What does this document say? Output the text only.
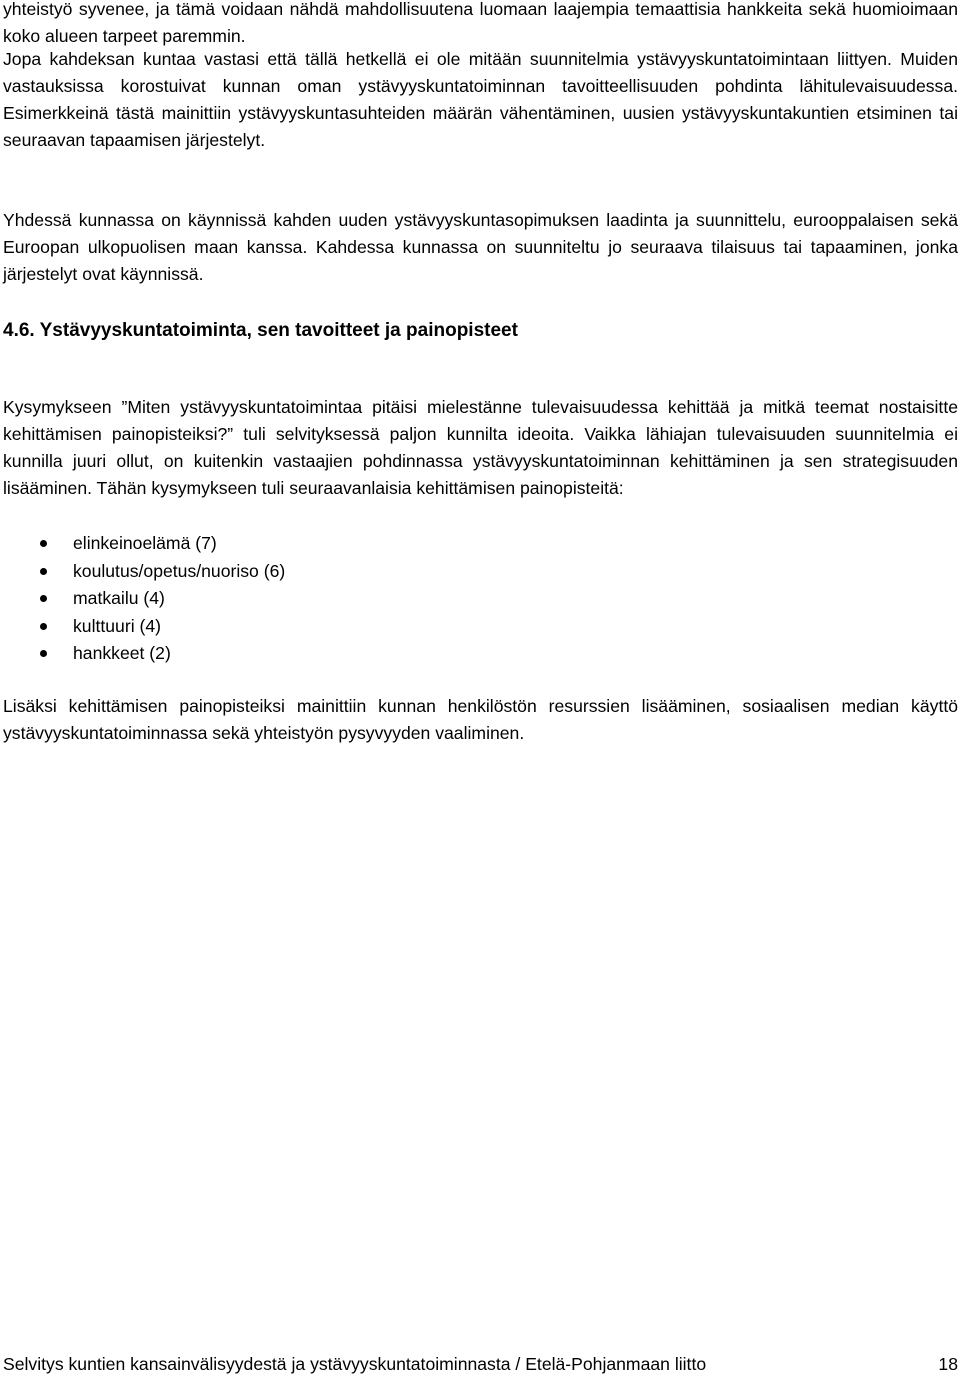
yhteistyö syvenee, ja tämä voidaan nähdä mahdollisuutena luomaan laajempia temaattisia hankkeita sekä huomioimaan koko alueen tarpeet paremmin.

Jopa kahdeksan kuntaa vastasi että tällä hetkellä ei ole mitään suunnitelmia ystävyyskuntatoimintaan liittyen. Muiden vastauksissa korostuivat kunnan oman ystävyyskuntatoiminnan tavoitteellisuuden pohdinta lähitulevaisuudessa. Esimerkkeinä tästä mainittiin ystävyyskuntasuhteiden määrän vähentäminen, uusien ystävyyskuntakuntien etsiminen tai seuraavan tapaamisen järjestelyt.

Yhdessä kunnassa on käynnissä kahden uuden ystävyyskuntasopimuksen laadinta ja suunnittelu, eurooppalaisen sekä Euroopan ulkopuolisen maan kanssa. Kahdessa kunnassa on suunniteltu jo seuraava tilaisuus tai tapaaminen, jonka järjestelyt ovat käynnissä.

4.6. Ystävyyskuntatoiminta, sen tavoitteet ja painopisteet

Kysymykseen ”Miten ystävyyskuntatoimintaa pitäisi mielestänne tulevaisuudessa kehittää ja mitkä teemat nostaisitte kehittämisen painopisteiksi?” tuli selvityksessä paljon kunnilta ideoita. Vaikka lähiajan tulevaisuuden suunnitelmia ei kunnilla juuri ollut, on kuitenkin vastaajien pohdinnassa ystävyyskuntatoiminnan kehittäminen ja sen strategisuuden lisääminen. Tähän kysymykseen tuli seuraavanlaisia kehittämisen painopisteitä:

elinkeinoelämä (7)
koulutus/opetus/nuoriso (6)
matkailu (4)
kulttuuri (4)
hankkeet (2)

Lisäksi kehittämisen painopisteiksi mainittiin kunnan henkilöstön resurssien lisääminen, sosiaalisen median käyttö ystävyyskuntatoiminnassa sekä yhteistyön pysyvyyden vaaliminen.

Selvitys kuntien kansainvälisyydestä ja ystävyyskuntatoiminnasta / Etelä-Pohjanmaan liitto	18
